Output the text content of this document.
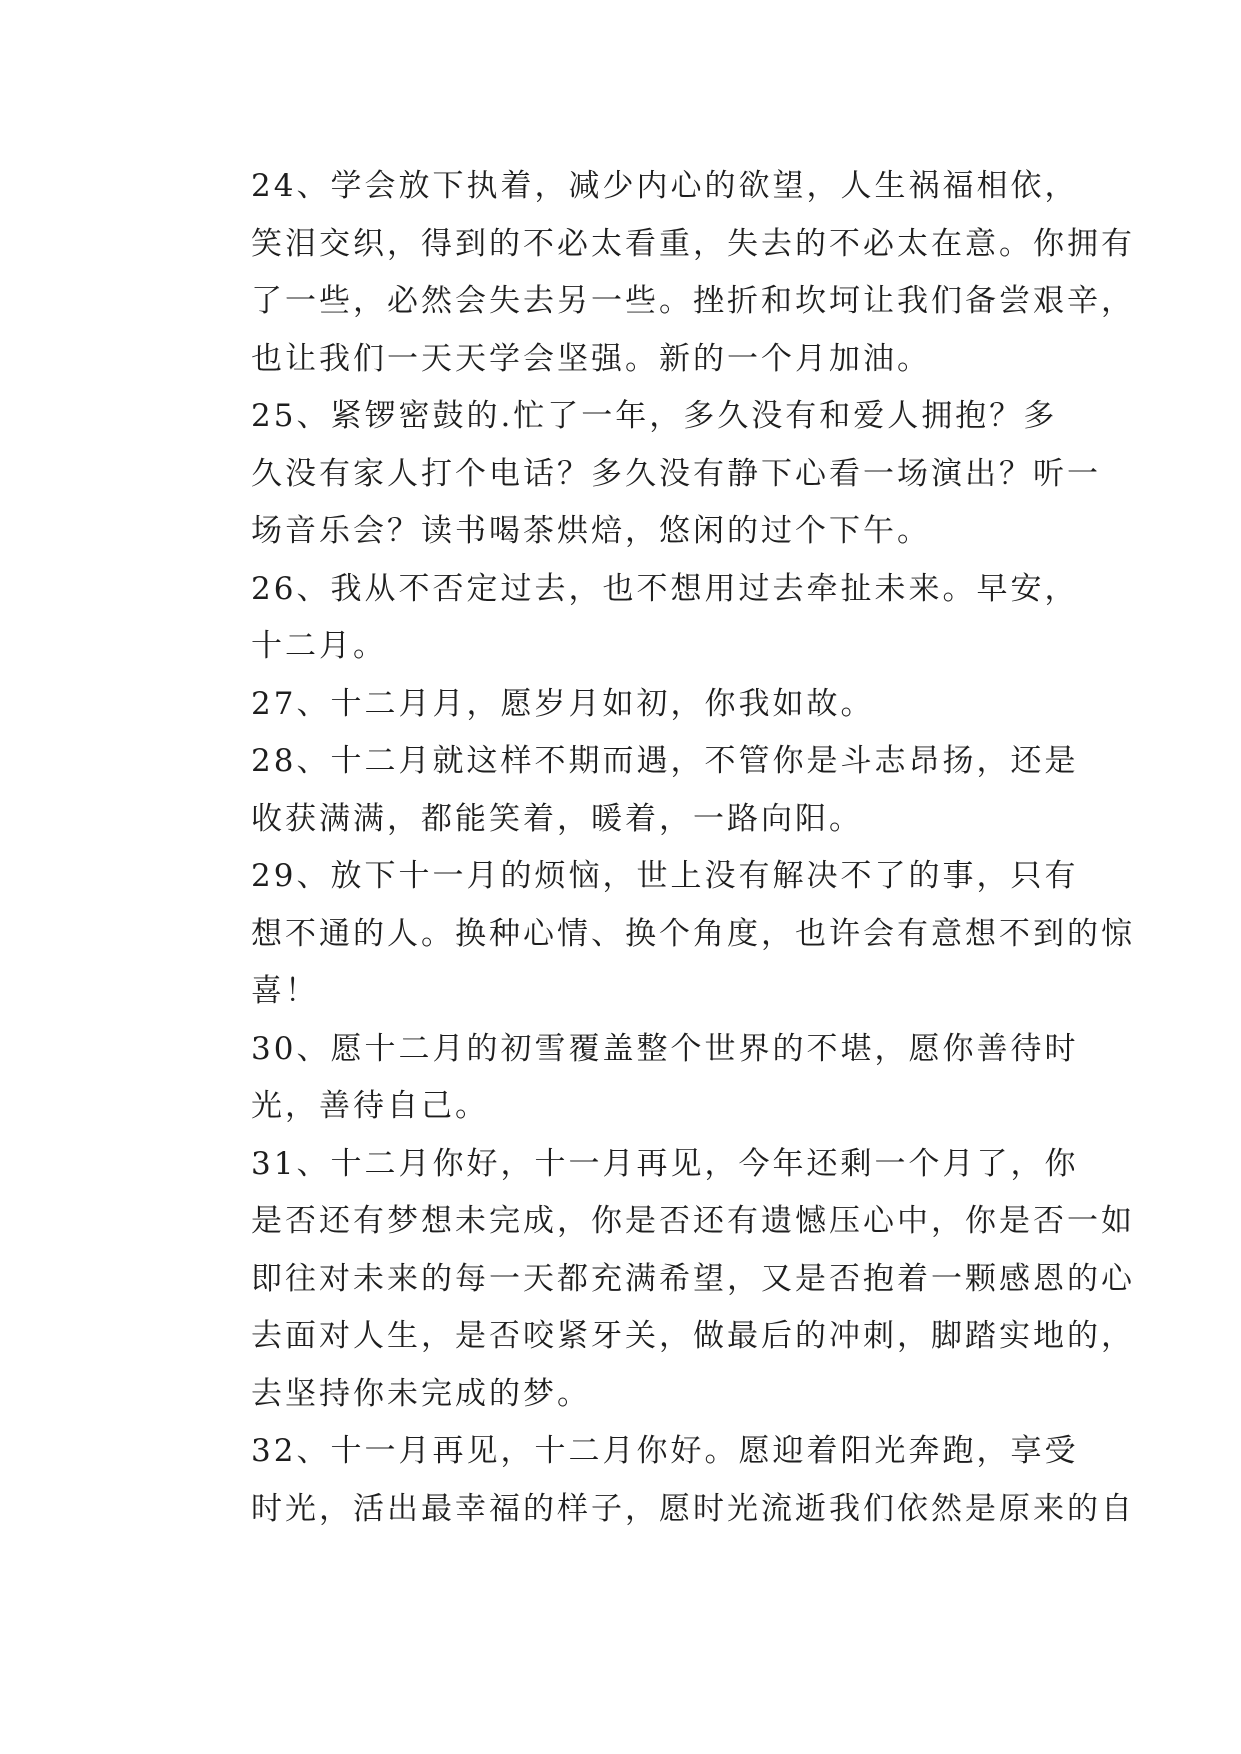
24、学会放下执着，减少内心的欲望，人生祸福相依，
笑泪交织，得到的不必太看重，失去的不必太在意。你拥有
了一些，必然会失去另一些。挫折和坎坷让我们备尝艰辛，
也让我们一天天学会坚强。新的一个月加油。

25、紧锣密鼓的.忙了一年，多久没有和爱人拥抱？多
久没有家人打个电话？多久没有静下心看一场演出？听一
场音乐会？读书喝茶烘焙，悠闲的过个下午。

26、我从不否定过去，也不想用过去牵扯未来。早安，
十二月。

27、十二月月，愿岁月如初，你我如故。

28、十二月就这样不期而遇，不管你是斗志昂扬，还是
收获满满，都能笑着，暖着，一路向阳。

29、放下十一月的烦恼，世上没有解决不了的事，只有
想不通的人。换种心情、换个角度，也许会有意想不到的惊
喜！

30、愿十二月的初雪覆盖整个世界的不堪，愿你善待时
光，善待自己。

31、十二月你好，十一月再见，今年还剩一个月了，你
是否还有梦想未完成，你是否还有遗憾压心中，你是否一如
即往对未来的每一天都充满希望，又是否抱着一颗感恩的心
去面对人生，是否咬紧牙关，做最后的冲刺，脚踏实地的，
去坚持你未完成的梦。

32、十一月再见，十二月你好。愿迎着阳光奔跑，享受
时光，活出最幸福的样子，愿时光流逝我们依然是原来的自
